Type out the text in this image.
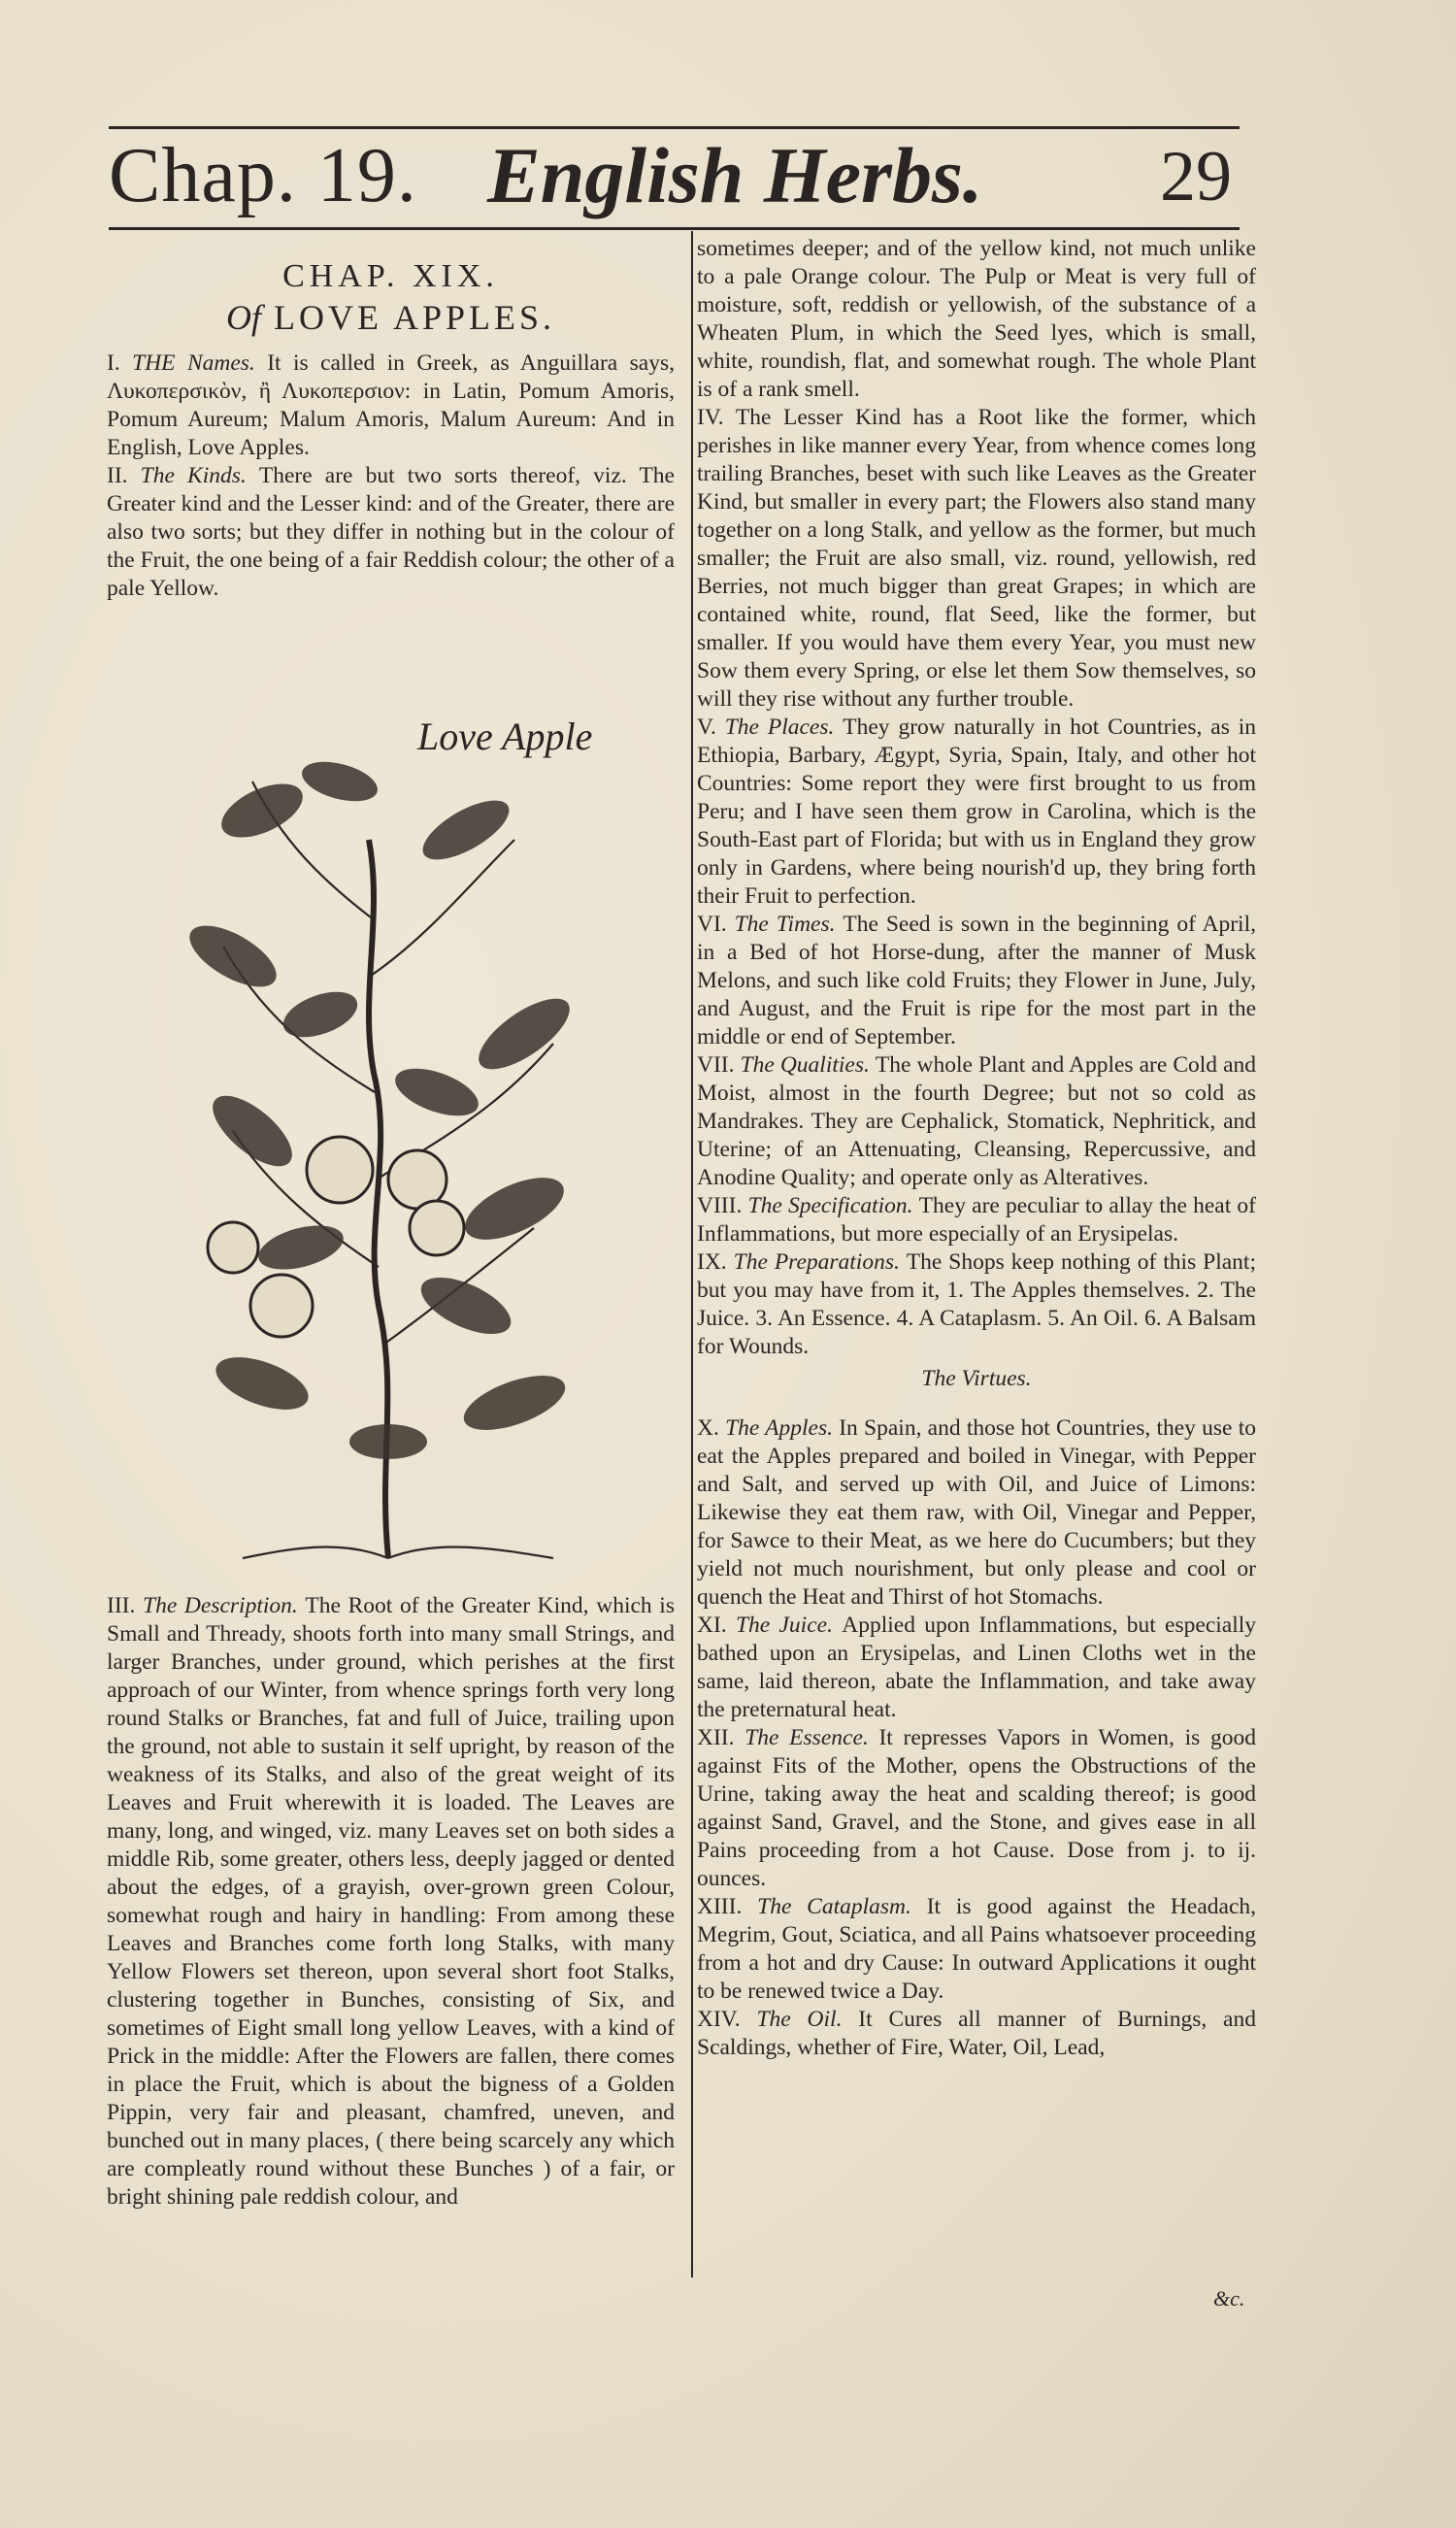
Chap. 19. English Herbs. 29

CHAP. XIX.

Of LOVE APPLES.

I. THE Names. It is called in Greek, as Anguillara says, Λυκοπερσικὸν, ἢ Λυκοπερσιον: in Latin, Pomum Amoris, Pomum Aureum; Malum Amoris, Malum Aureum: And in English, Love Apples.

II. The Kinds. There are but two sorts thereof, viz. The Greater kind and the Lesser kind: and of the Greater, there are also two sorts; but they differ in nothing but in the colour of the Fruit, the one being of a fair Reddish colour; the other of a pale Yellow.

Love Apple

III. The Description. The Root of the Greater Kind, which is Small and Thready, shoots forth into many small Strings, and larger Branches, under ground, which perishes at the first approach of our Winter, from whence springs forth very long round Stalks or Branches, fat and full of Juice, trailing upon the ground, not able to sustain it self upright, by reason of the weakness of its Stalks, and also of the great weight of its Leaves and Fruit wherewith it is loaded. The Leaves are many, long, and winged, viz. many Leaves set on both sides a middle Rib, some greater, others less, deeply jagged or dented about the edges, of a grayish, over-grown green Colour, somewhat rough and hairy in handling: From among these Leaves and Branches come forth long Stalks, with many Yellow Flowers set thereon, upon several short foot Stalks, clustering together in Bunches, consisting of Six, and sometimes of Eight small long yellow Leaves, with a kind of Prick in the middle: After the Flowers are fallen, there comes in place the Fruit, which is about the bigness of a Golden Pippin, very fair and pleasant, chamfred, uneven, and bunched out in many places, ( there being scarcely any which are compleatly round without these Bunches ) of a fair, or bright shining pale reddish colour, and

sometimes deeper; and of the yellow kind, not much unlike to a pale Orange colour. The Pulp or Meat is very full of moisture, soft, reddish or yellowish, of the substance of a Wheaten Plum, in which the Seed lyes, which is small, white, roundish, flat, and somewhat rough. The whole Plant is of a rank smell.

IV. The Lesser Kind has a Root like the former, which perishes in like manner every Year, from whence comes long trailing Branches, beset with such like Leaves as the Greater Kind, but smaller in every part; the Flowers also stand many together on a long Stalk, and yellow as the former, but much smaller; the Fruit are also small, viz. round, yellowish, red Berries, not much bigger than great Grapes; in which are contained white, round, flat Seed, like the former, but smaller. If you would have them every Year, you must new Sow them every Spring, or else let them Sow themselves, so will they rise without any further trouble.

V. The Places. They grow naturally in hot Countries, as in Ethiopia, Barbary, Ægypt, Syria, Spain, Italy, and other hot Countries: Some report they were first brought to us from Peru; and I have seen them grow in Carolina, which is the South-East part of Florida; but with us in England they grow only in Gardens, where being nourish'd up, they bring forth their Fruit to perfection.

VI. The Times. The Seed is sown in the beginning of April, in a Bed of hot Horse-dung, after the manner of Musk Melons, and such like cold Fruits; they Flower in June, July, and August, and the Fruit is ripe for the most part in the middle or end of September.

VII. The Qualities. The whole Plant and Apples are Cold and Moist, almost in the fourth Degree; but not so cold as Mandrakes. They are Cephalick, Stomatick, Nephritick, and Uterine; of an Attenuating, Cleansing, Repercussive, and Anodine Quality; and operate only as Alteratives.

VIII. The Specification. They are peculiar to allay the heat of Inflammations, but more especially of an Erysipelas.

IX. The Preparations. The Shops keep nothing of this Plant; but you may have from it, 1. The Apples themselves. 2. The Juice. 3. An Essence. 4. A Cataplasm. 5. An Oil. 6. A Balsam for Wounds.

The Virtues.

X. The Apples. In Spain, and those hot Countries, they use to eat the Apples prepared and boiled in Vinegar, with Pepper and Salt, and served up with Oil, and Juice of Limons: Likewise they eat them raw, with Oil, Vinegar and Pepper, for Sawce to their Meat, as we here do Cucumbers; but they yield not much nourishment, but only please and cool or quench the Heat and Thirst of hot Stomachs.

XI. The Juice. Applied upon Inflammations, but especially bathed upon an Erysipelas, and Linen Cloths wet in the same, laid thereon, abate the Inflammation, and take away the preternatural heat.

XII. The Essence. It represses Vapors in Women, is good against Fits of the Mother, opens the Obstructions of the Urine, taking away the heat and scalding thereof; is good against Sand, Gravel, and the Stone, and gives ease in all Pains proceeding from a hot Cause. Dose from j. to ij. ounces.

XIII. The Cataplasm. It is good against the Headach, Megrim, Gout, Sciatica, and all Pains whatsoever proceeding from a hot and dry Cause: In outward Applications it ought to be renewed twice a Day.

XIV. The Oil. It Cures all manner of Burnings, and Scaldings, whether of Fire, Water, Oil, Lead,

&c.
